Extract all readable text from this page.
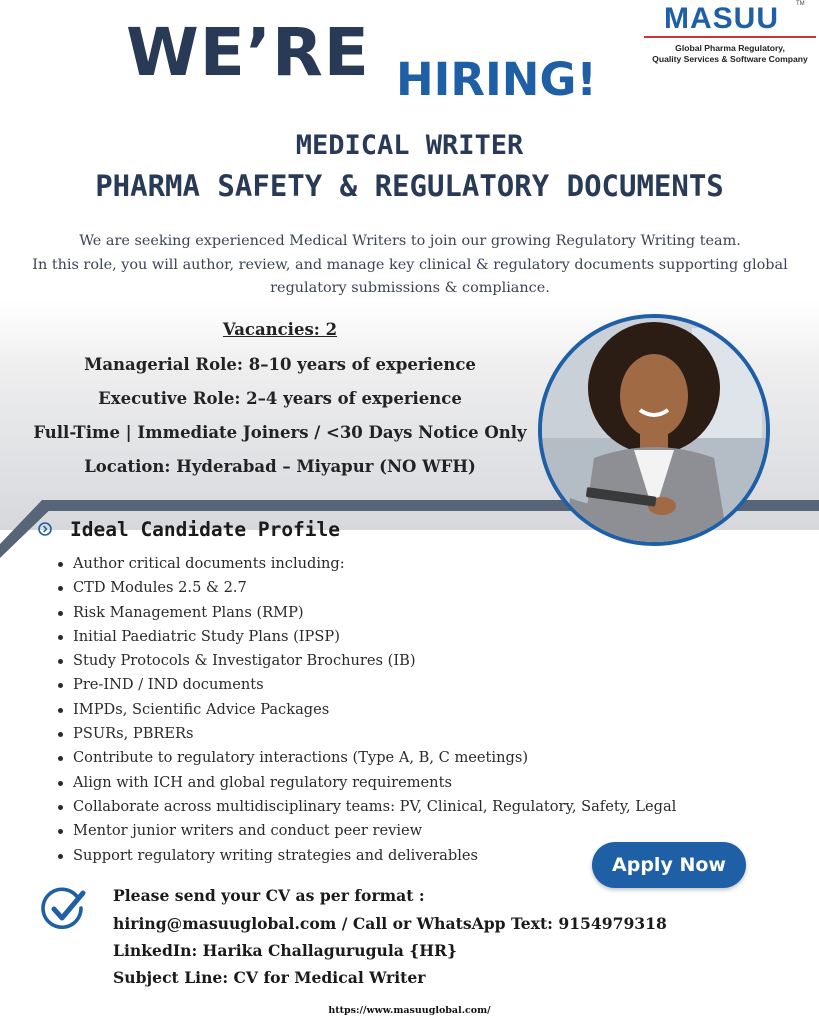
WE’RE HIRING!
MASUU	TM
Global Pharma Regulatory,
Quality Services & Software Company
MEDICAL WRITER
PHARMA SAFETY & REGULATORY DOCUMENTS
We are seeking experienced Medical Writers to join our growing Regulatory Writing team.
In this role, you will author, review, and manage key clinical & regulatory documents supporting global
regulatory submissions & compliance.
Vacancies: 2
Managerial Role: 8–10 years of experience
Executive Role: 2–4 years of experience
Full-Time | Immediate Joiners / <30 Days Notice Only
Location: Hyderabad – Miyapur (NO WFH)
Ideal Candidate Profile
Author critical documents including:
CTD Modules 2.5 & 2.7
Risk Management Plans (RMP)
Initial Paediatric Study Plans (IPSP)
Study Protocols & Investigator Brochures (IB)
Pre-IND / IND documents
IMPDs, Scientific Advice Packages
PSURs, PBRERs
Contribute to regulatory interactions (Type A, B, C meetings)
Align with ICH and global regulatory requirements
Collaborate across multidisciplinary teams: PV, Clinical, Regulatory, Safety, Legal
Mentor junior writers and conduct peer review
Support regulatory writing strategies and deliverables	Apply Now
Please send your CV as per format :
hiring@masuuglobal.com / Call or WhatsApp Text: 9154979318
LinkedIn: Harika Challagurugula {HR}
Subject Line: CV for Medical Writer
https://www.masuuglobal.com/
